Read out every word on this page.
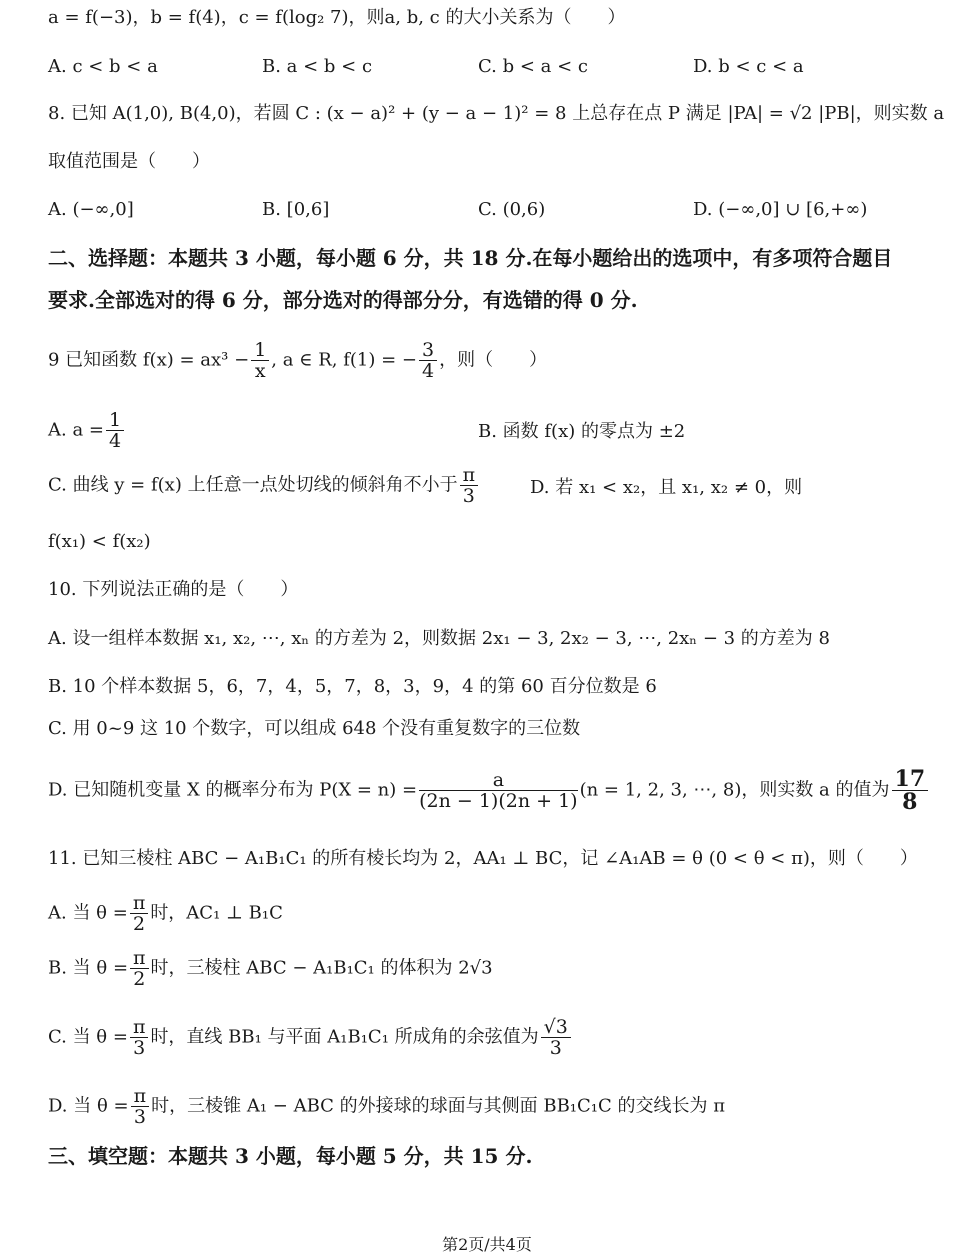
a = f(−3)，b = f(4)，c = f(log₂ 7)，则a, b, c 的大小关系为（　　）
A. c < b < a	B. a < b < c	C. b < a < c	D. b < c < a
8. 已知 A(1,0), B(4,0)，若圆 C : (x − a)² + (y − a − 1)² = 8 上总存在点 P 满足 |PA| = √2 |PB|，则实数 a
取值范围是（　　）
A. (−∞,0]	B. [0,6]	C. (0,6)	D. (−∞,0] ∪ [6,+∞)
二、选择题：本题共 3 小题，每小题 6 分，共 18 分.在每小题给出的选项中，有多项符合题目
要求.全部选对的得 6 分，部分选对的得部分分，有选错的得 0 分.
9 已知函数 $f(x) = ax^3 - \frac{1}{x}$ , a ∈ R, f(1) = − $\frac{3}{4}$ ，则（　　）
A. $a = \frac{1}{4}$	B. 函数 f(x) 的零点为 ±2
C. 曲线 y = f(x) 上任意一点处切线的倾斜角不小于 $\frac{\pi}{3}$	D. 若 x₁ < x₂，且 x₁, x₂ ≠ 0，则
f(x₁) < f(x₂)
10. 下列说法正确的是（　　）
A. 设一组样本数据 x₁, x₂, ⋯, xₙ 的方差为 2，则数据 2x₁ − 3, 2x₂ − 3, ⋯, 2xₙ − 3 的方差为 8
B. 10 个样本数据 5，6，7，4，5，7，8，3，9，4 的第 60 百分位数是 6
C. 用 0~9 这 10 个数字，可以组成 648 个没有重复数字的三位数
D. 已知随机变量 X 的概率分布为 $P(X = n) = \frac{a}{(2n - 1)(2n + 1)} (n = 1$, 2, 3, ⋯, 8)，则实数 a 的值为 $\frac{17}{8}$
11. 已知三棱柱 ABC − A₁B₁C₁ 的所有棱长均为 2，AA₁ ⊥ BC，记 ∠A₁AB = θ (0 < θ < π)，则（　　）
A. 当 $\theta = \frac{\pi}{2}$ 时，AC₁ ⊥ B₁C
B. 当 $\theta = \frac{\pi}{2}$ 时，三棱柱 ABC − A₁B₁C₁ 的体积为 2√3
C. 当 $\theta = \frac{\pi}{3}$ 时，直线 BB₁ 与平面 A₁B₁C₁ 所成角的余弦值为 $\frac{√3}{3}$
D. 当 $\theta = \frac{\pi}{3}$ 时，三棱锥 A₁ − ABC 的外接球的球面与其侧面 BB₁C₁C 的交线长为 π
三、填空题：本题共 3 小题，每小题 5 分，共 15 分.
第2页/共4页
